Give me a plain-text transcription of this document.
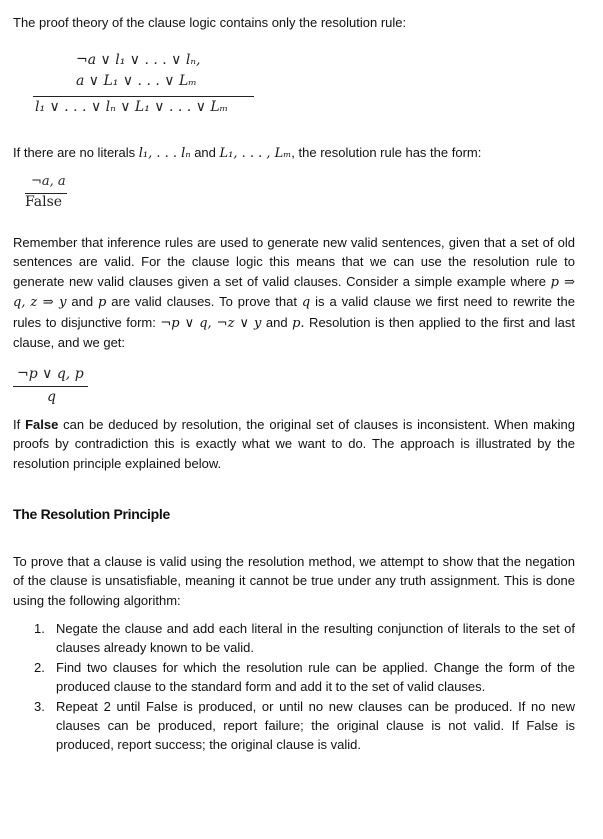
The proof theory of the clause logic contains only the resolution rule:
¬a ∨ l₁ ∨ . . . ∨ lₙ,
a ∨ L₁ ∨ . . . ∨ Lₘ
l₁ ∨ . . . ∨ lₙ ∨ L₁ ∨ . . . ∨ Lₘ
If there are no literals l₁, . . . lₙ and L₁, . . . , Lₘ, the resolution rule has the form:
¬a, a
False
Remember that inference rules are used to generate new valid sentences, given that a set of old sentences are valid. For the clause logic this means that we can use the resolution rule to generate new valid clauses given a set of valid clauses. Consider a simple example where p ⇒ q, z ⇒ y and p are valid clauses. To prove that q is a valid clause we first need to rewrite the rules to disjunctive form: ¬p ∨ q, ¬z ∨ y and p. Resolution is then applied to the first and last clause, and we get:
¬p ∨ q, p
q
If False can be deduced by resolution, the original set of clauses is inconsistent. When making proofs by contradiction this is exactly what we want to do. The approach is illustrated by the resolution principle explained below.
The Resolution Principle
To prove that a clause is valid using the resolution method, we attempt to show that the negation of the clause is unsatisfiable, meaning it cannot be true under any truth assignment. This is done using the following algorithm:
1. Negate the clause and add each literal in the resulting conjunction of literals to the set of clauses already known to be valid.
2. Find two clauses for which the resolution rule can be applied. Change the form of the produced clause to the standard form and add it to the set of valid clauses.
3. Repeat 2 until False is produced, or until no new clauses can be produced. If no new clauses can be produced, report failure; the original clause is not valid. If False is produced, report success; the original clause is valid.
